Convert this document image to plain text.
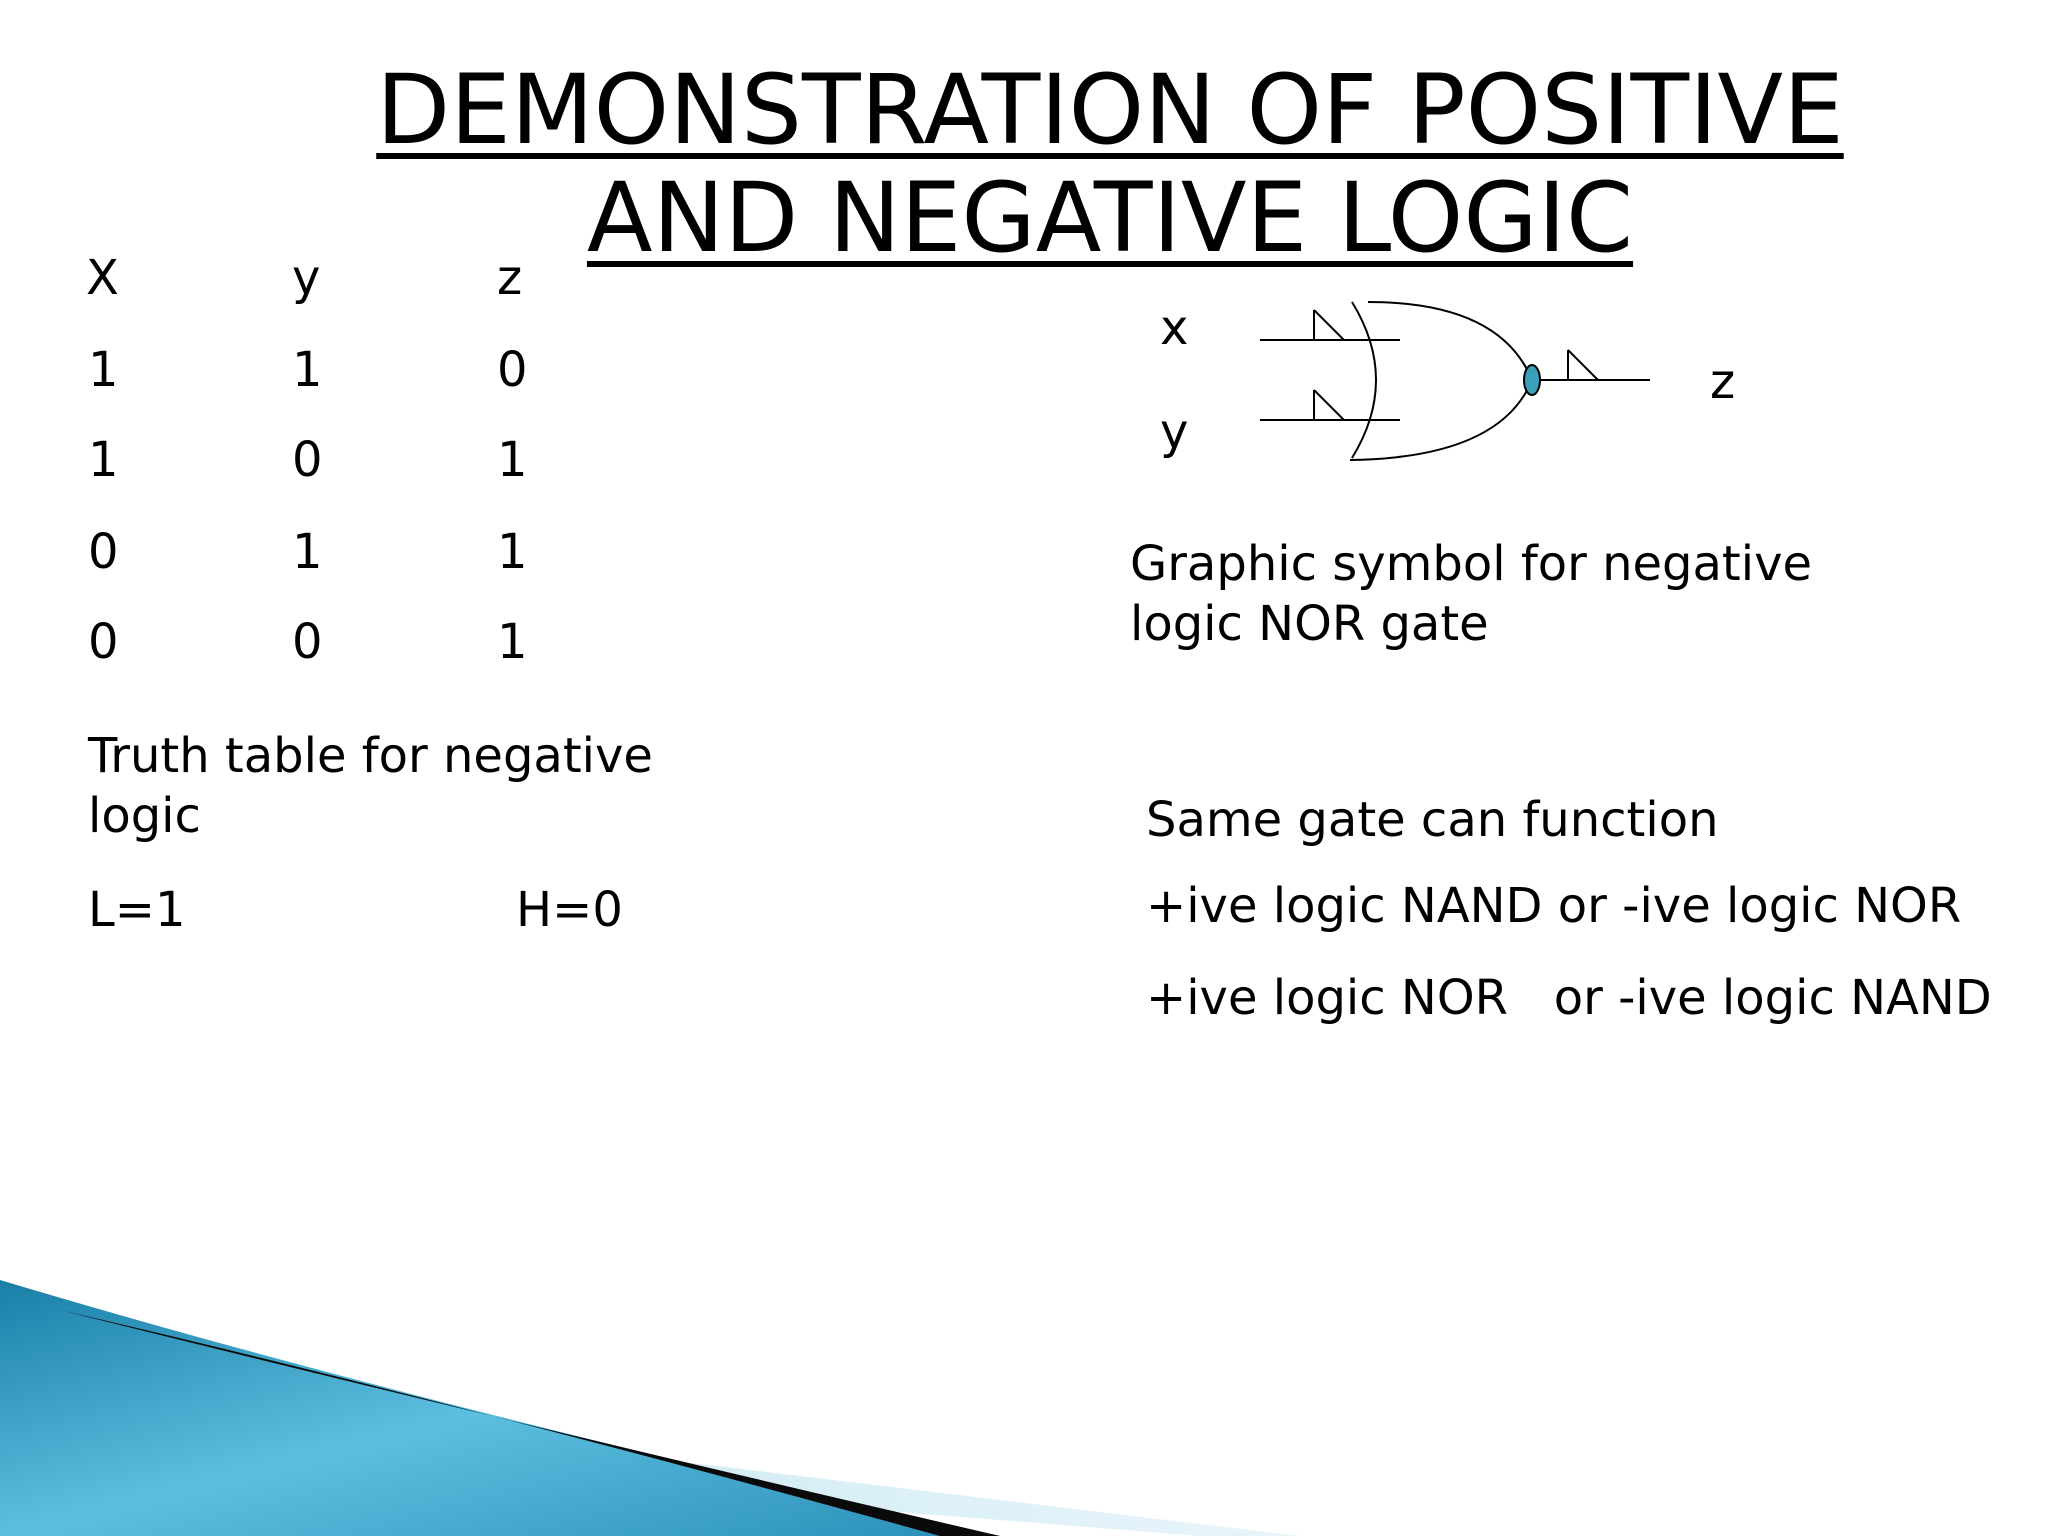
DEMONSTRATION OF POSITIVE AND NEGATIVE LOGIC
X	y	z
1	1	0
1	0	1
0	1	1
0	0	1
Truth table for negative logic
L=1	H=0
x
y
z
Graphic symbol for negative logic NOR gate
Same gate can function
+ive logic NAND or -ive logic NOR
+ive logic NOR   or -ive logic NAND
